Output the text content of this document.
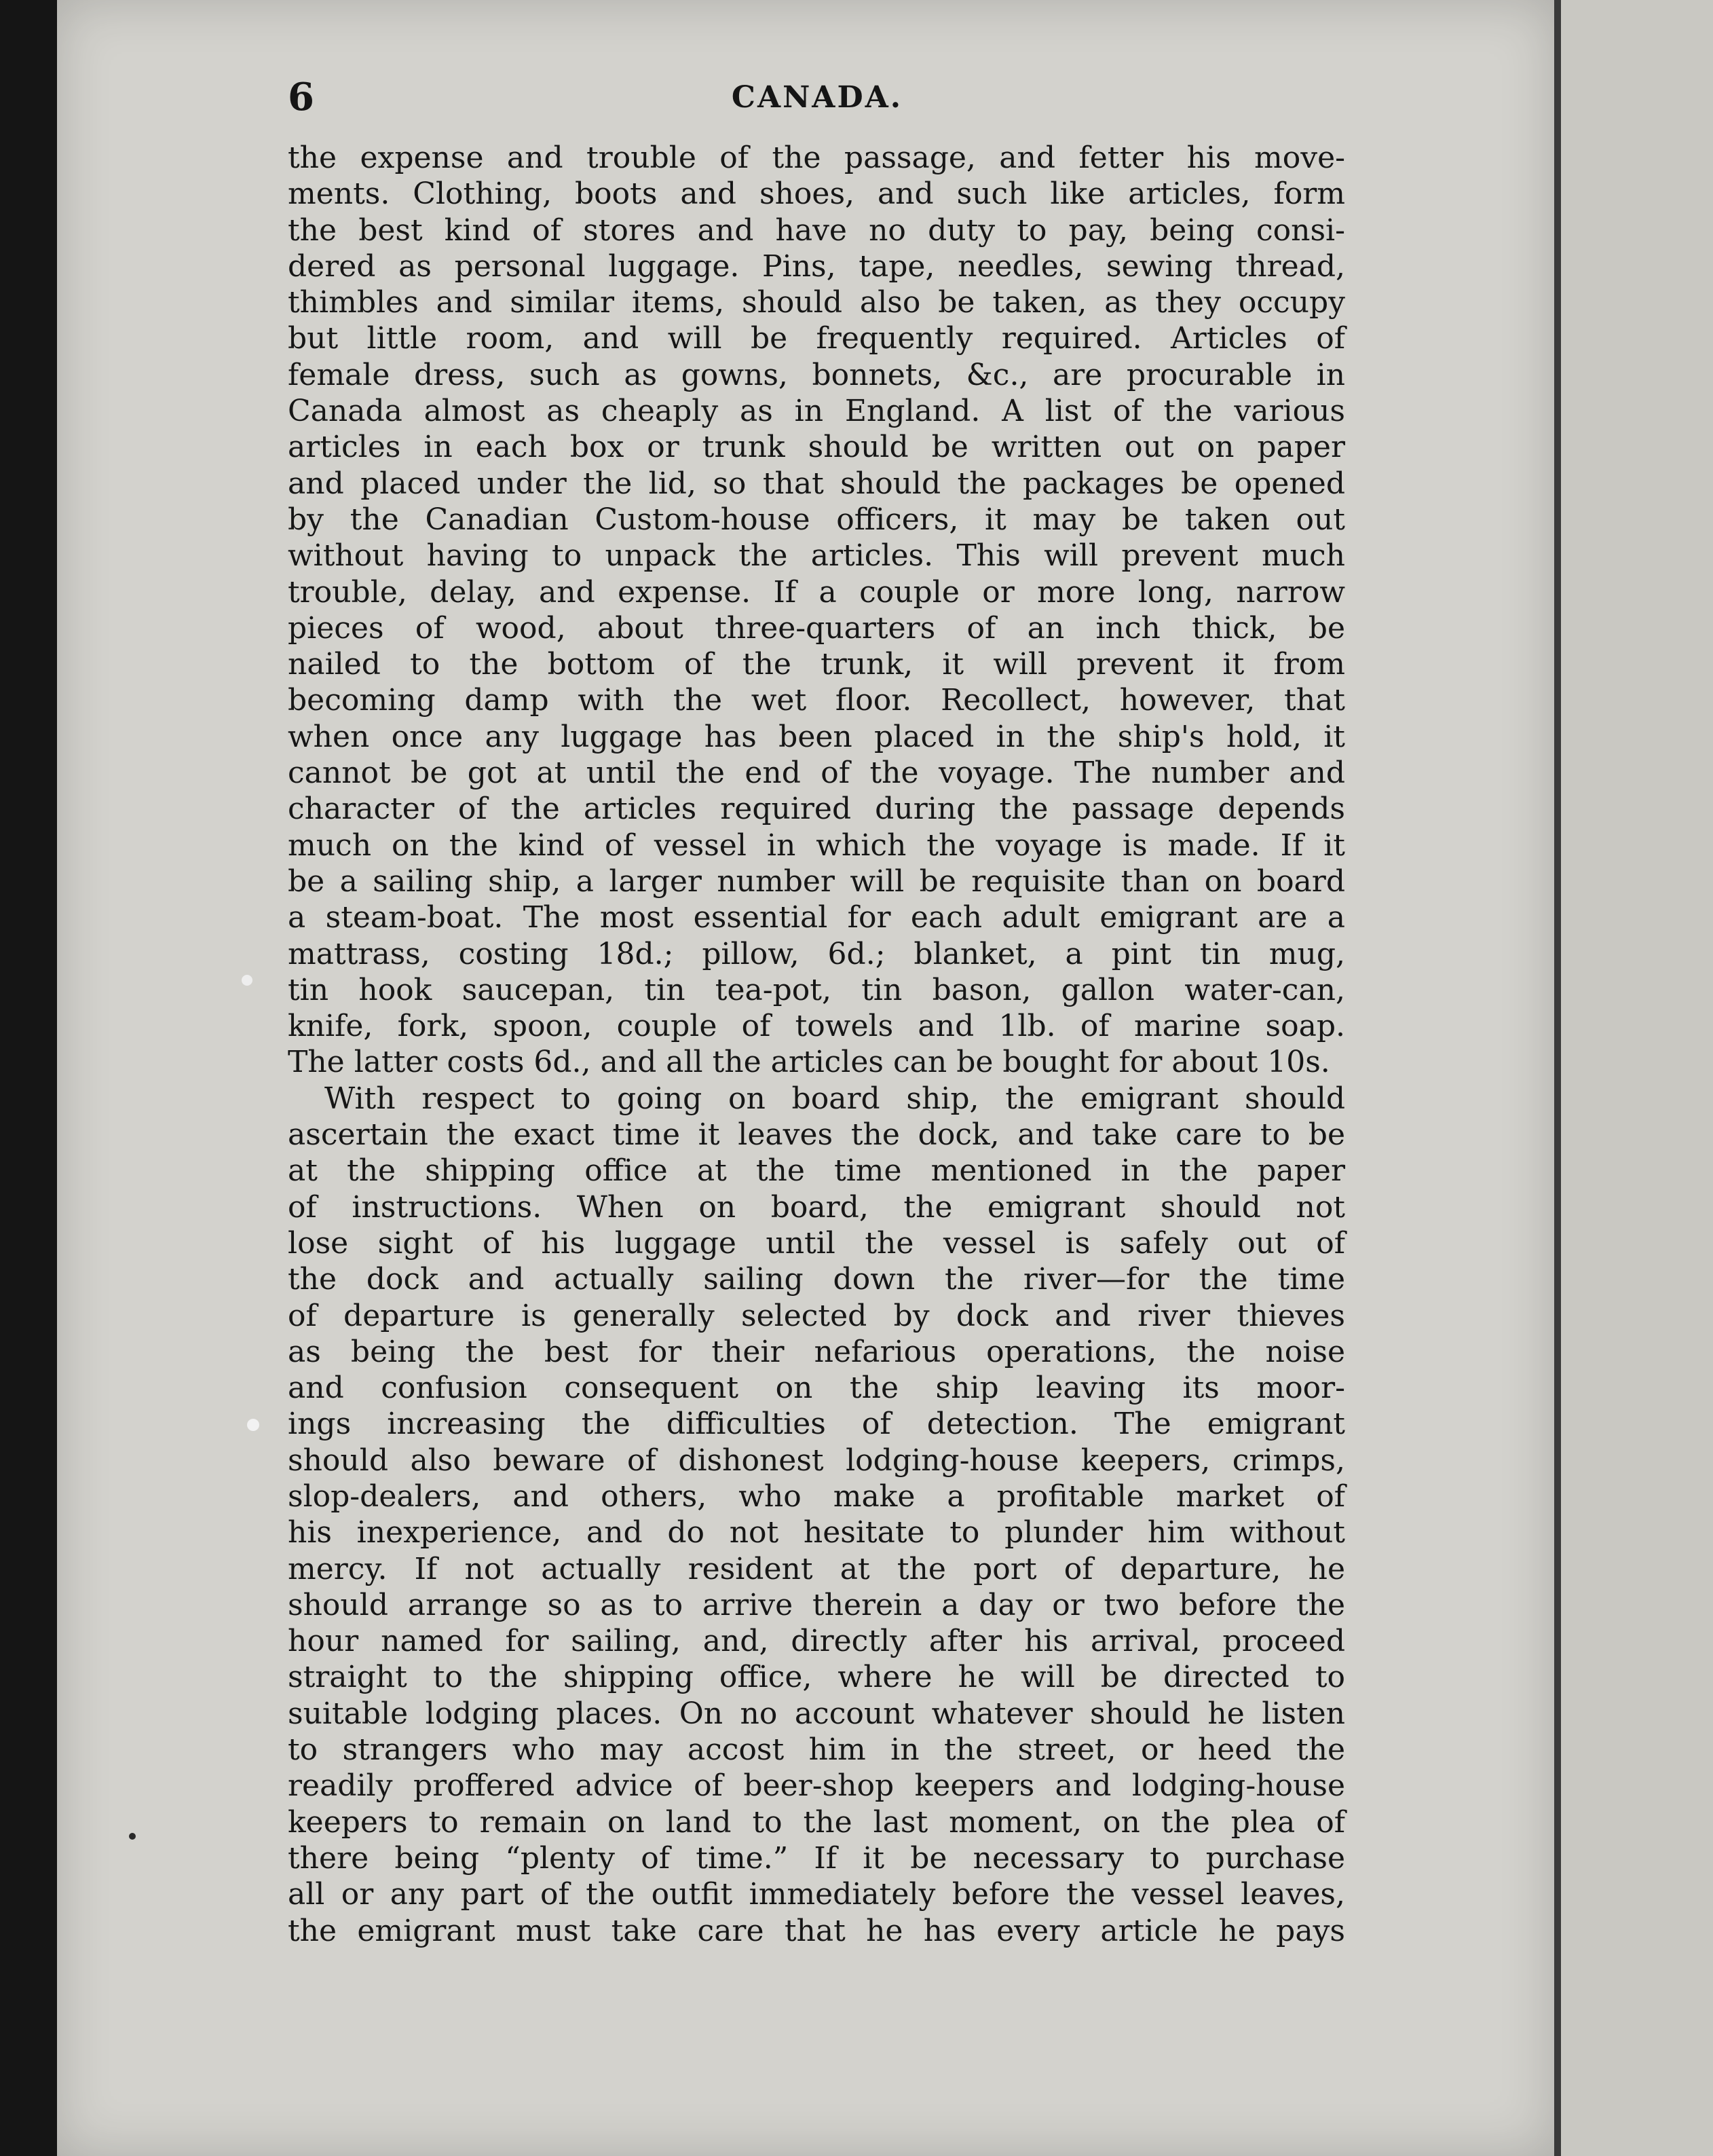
6	CANADA.
the expense and trouble of the passage, and fetter his move-
ments. Clothing, boots and shoes, and such like articles, form
the best kind of stores and have no duty to pay, being consi-
dered as personal luggage. Pins, tape, needles, sewing thread,
thimbles and similar items, should also be taken, as they occupy
but little room, and will be frequently required. Articles of
female dress, such as gowns, bonnets, &c., are procurable in
Canada almost as cheaply as in England. A list of the various
articles in each box or trunk should be written out on paper
and placed under the lid, so that should the packages be opened
by the Canadian Custom-house officers, it may be taken out
without having to unpack the articles. This will prevent much
trouble, delay, and expense. If a couple or more long, narrow
pieces of wood, about three-quarters of an inch thick, be
nailed to the bottom of the trunk, it will prevent it from
becoming damp with the wet floor. Recollect, however, that
when once any luggage has been placed in the ship's hold, it
cannot be got at until the end of the voyage. The number and
character of the articles required during the passage depends
much on the kind of vessel in which the voyage is made. If it
be a sailing ship, a larger number will be requisite than on board
a steam-boat. The most essential for each adult emigrant are a
mattrass, costing 18d.; pillow, 6d.; blanket, a pint tin mug,
tin hook saucepan, tin tea-pot, tin bason, gallon water-can,
knife, fork, spoon, couple of towels and 1lb. of marine soap.
The latter costs 6d., and all the articles can be bought for about 10s.
With respect to going on board ship, the emigrant should
ascertain the exact time it leaves the dock, and take care to be
at the shipping office at the time mentioned in the paper
of instructions. When on board, the emigrant should not
lose sight of his luggage until the vessel is safely out of
the dock and actually sailing down the river—for the time
of departure is generally selected by dock and river thieves
as being the best for their nefarious operations, the noise
and confusion consequent on the ship leaving its moor-
ings increasing the difficulties of detection. The emigrant
should also beware of dishonest lodging-house keepers, crimps,
slop-dealers, and others, who make a profitable market of
his inexperience, and do not hesitate to plunder him without
mercy. If not actually resident at the port of departure, he
should arrange so as to arrive therein a day or two before the
hour named for sailing, and, directly after his arrival, proceed
straight to the shipping office, where he will be directed to
suitable lodging places. On no account whatever should he listen
to strangers who may accost him in the street, or heed the
readily proffered advice of beer-shop keepers and lodging-house
keepers to remain on land to the last moment, on the plea of
there being “plenty of time.” If it be necessary to purchase
all or any part of the outfit immediately before the vessel leaves,
the emigrant must take care that he has every article he pays
